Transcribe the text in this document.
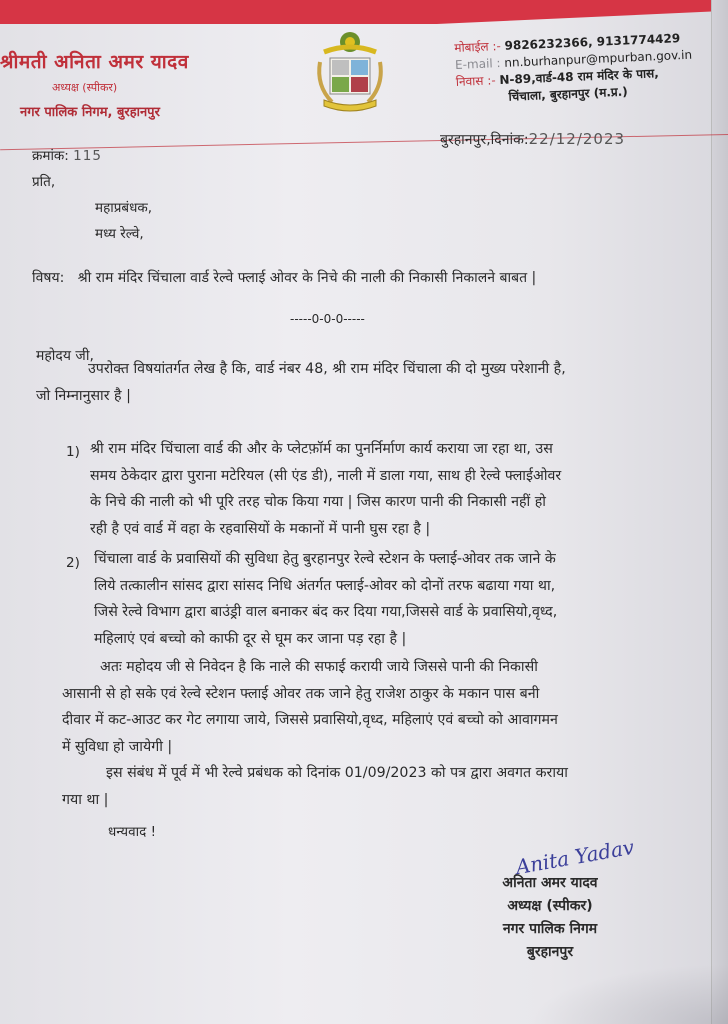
श्रीमती अनिता अमर यादव
अध्यक्ष (स्पीकर)
नगर पालिक निगम, बुरहानपुर
मोबाईल :- 9826232366, 9131774429
E-mail : nn.burhanpur@mpurban.gov.in
निवास :- N-89,वार्ड-48 राम मंदिर के पास,
चिंचाला, बुरहानपुर (म.प्र.)
क्रमांक: 115
बुरहानपुर,दिनांक:22/12/2023
प्रति,
महाप्रबंधक,
मध्य रेल्वे,
विषय: श्री राम मंदिर चिंचाला वार्ड रेल्वे फ्लाई ओवर के निचे की नाली की निकासी निकालने बाबत |
-----0-0-0-----
महोदय जी,
उपरोक्त विषयांतर्गत लेख है कि, वार्ड नंबर 48, श्री राम मंदिर चिंचाला की दो मुख्य परेशानी है,
जो निम्नानुसार है |
1) श्री राम मंदिर चिंचाला वार्ड की और के प्लेटफ़ॉर्म का पुनर्निर्माण कार्य कराया जा रहा था, उस
समय ठेकेदार द्वारा पुराना मटेरियल (सी एंड डी), नाली में डाला गया, साथ ही रेल्वे फ्लाईओवर
के निचे की नाली को भी पूरि तरह चोक किया गया | जिस कारण पानी की निकासी नहीं हो
रही है एवं वार्ड में वहा के रहवासियों के मकानों में पानी घुस रहा है |
2) चिंचाला वार्ड के प्रवासियों की सुविधा हेतु बुरहानपुर रेल्वे स्टेशन के फ्लाई-ओवर तक जाने के
लिये तत्कालीन सांसद द्वारा सांसद निधि अंतर्गत फ्लाई-ओवर को दोनों तरफ बढाया गया था,
जिसे रेल्वे विभाग द्वारा बाउंड्री वाल बनाकर बंद कर दिया गया,जिससे वार्ड के प्रवासियो,वृध्द,
महिलाएं एवं बच्चो को काफी दूर से घूम कर जाना पड़ रहा है |
अतः महोदय जी से निवेदन है कि नाले की सफाई करायी जाये जिससे पानी की निकासी
आसानी से हो सके एवं रेल्वे स्टेशन फ्लाई ओवर तक जाने हेतु राजेश ठाकुर के मकान पास बनी
दीवार में कट-आउट कर गेट लगाया जाये, जिससे प्रवासियो,वृध्द, महिलाएं एवं बच्चो को आवागमन
में सुविधा हो जायेगी |
इस संबंध में पूर्व में भी रेल्वे प्रबंधक को दिनांक 01/09/2023 को पत्र द्वारा अवगत कराया
गया था |
धन्यवाद !
Anita Yadav
अनिता अमर यादव
अध्यक्ष (स्पीकर)
नगर पालिक निगम
बुरहानपुर
